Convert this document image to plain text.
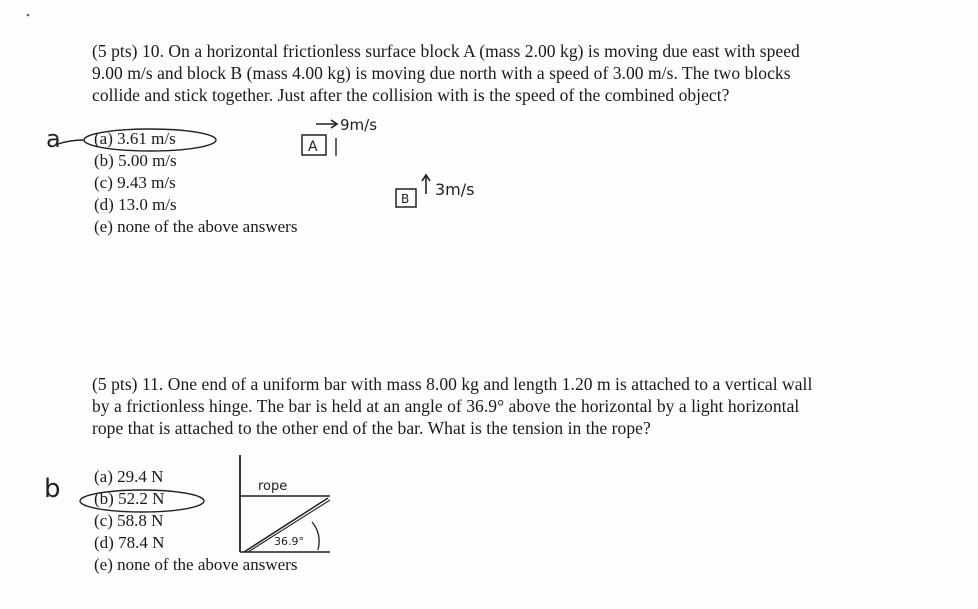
(5 pts) 10. On a horizontal frictionless surface block A (mass 2.00 kg) is moving due east with speed
9.00 m/s and block B (mass 4.00 kg) is moving due north with a speed of 3.00 m/s. The two blocks
collide and stick together. Just after the collision with is the speed of the combined object?
(a) 3.61 m/s
(b) 5.00 m/s
(c) 9.43 m/s
(d) 13.0 m/s
(e) none of the above answers
(5 pts) 11. One end of a uniform bar with mass 8.00 kg and length 1.20 m is attached to a vertical wall
by a frictionless hinge. The bar is held at an angle of 36.9° above the horizontal by a light horizontal
rope that is attached to the other end of the bar. What is the tension in the rope?
(a) 29.4 N
(b) 52.2 N
(c) 58.8 N
(d) 78.4 N
(e) none of the above answers
a	9m/s
A
B 3m/s
b	rope
36.9°
